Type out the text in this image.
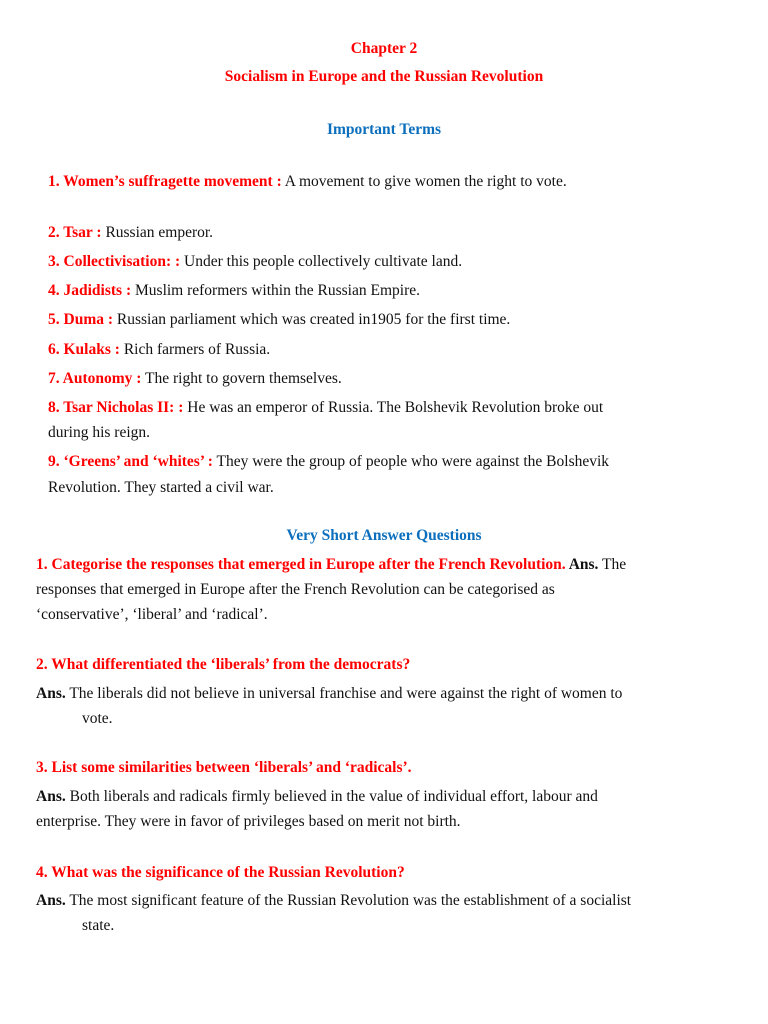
Chapter 2
Socialism in Europe and the Russian Revolution
Important Terms
1. Women’s suffragette movement : A movement to give women the right to vote.
2. Tsar : Russian emperor.
3. Collectivisation: : Under this people collectively cultivate land.
4. Jadidists : Muslim reformers within the Russian Empire.
5. Duma : Russian parliament which was created in1905 for the first time.
6. Kulaks : Rich farmers of Russia.
7. Autonomy : The right to govern themselves.
8. Tsar Nicholas II: : He was an emperor of Russia. The Bolshevik Revolution broke out
during his reign.
9. ‘Greens’ and ‘whites’ : They were the group of people who were against the Bolshevik
Revolution. They started a civil war.
Very Short Answer Questions
1. Categorise the responses that emerged in Europe after the French Revolution. Ans. The
responses that emerged in Europe after the French Revolution can be categorised as
‘conservative’, ‘liberal’ and ‘radical’.
2. What differentiated the ‘liberals’ from the democrats?
Ans. The liberals did not believe in universal franchise and were against the right of women to
vote.
3. List some similarities between ‘liberals’ and ‘radicals’.
Ans. Both liberals and radicals firmly believed in the value of individual effort, labour and
enterprise. They were in favor of privileges based on merit not birth.
4. What was the significance of the Russian Revolution?
Ans. The most significant feature of the Russian Revolution was the establishment of a socialist
state.
